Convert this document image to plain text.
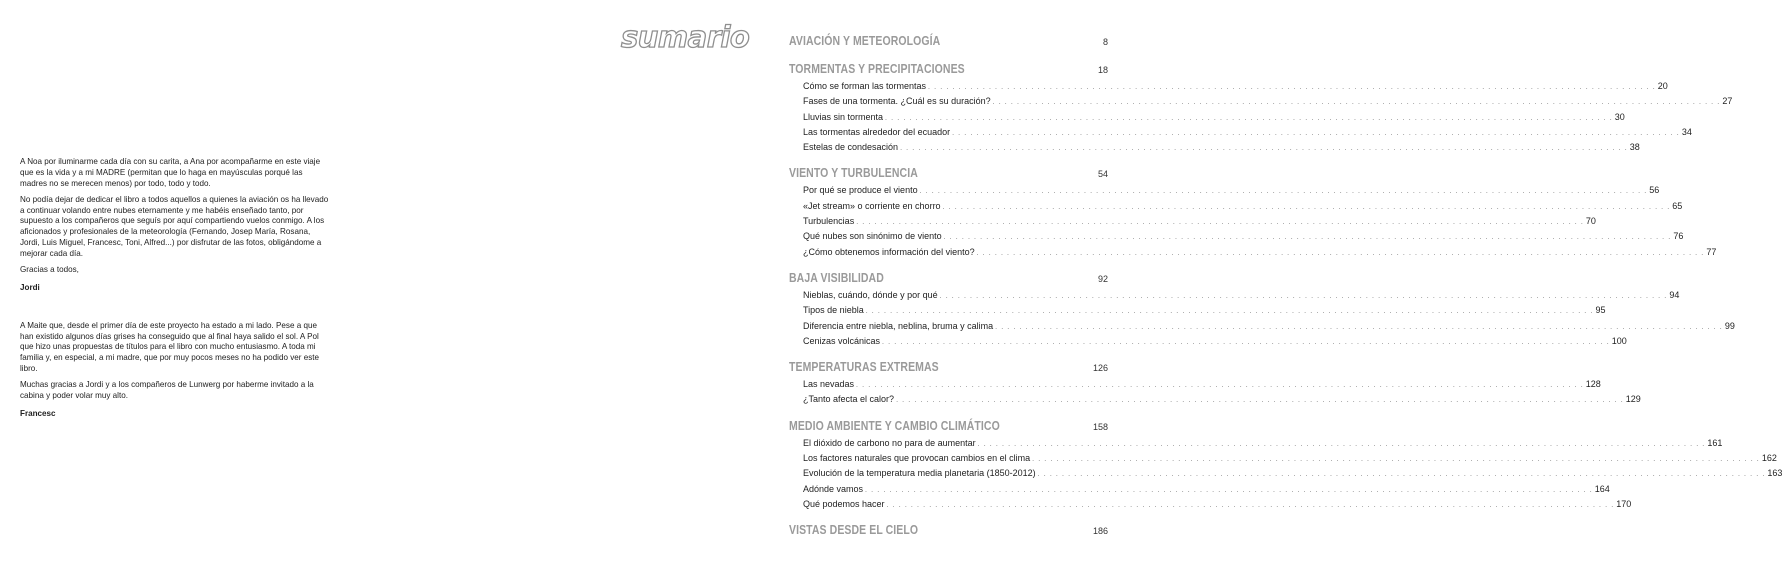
A Noa por iluminarme cada día con su carita, a Ana por acompañarme en este viaje que es la vida y a mi MADRE (permitan que lo haga en mayúsculas porqué las madres no se merecen menos) por todo, todo y todo.

No podía dejar de dedicar el libro a todos aquellos a quienes la aviación os ha llevado a continuar volando entre nubes eternamente y me habéis enseñado tanto, por supuesto a los compañeros que seguís por aquí compartiendo vuelos conmigo. A los aficionados y profesionales de la meteorología (Fernando, Josep María, Rosana, Jordi, Luis Miguel, Francesc, Toni, Alfred...) por disfrutar de las fotos, obligándome a mejorar cada día.

Gracias a todos,

Jordi

A Maite que, desde el primer día de este proyecto ha estado a mi lado. Pese a que han existido algunos días grises ha conseguido que al final haya salido el sol. A Pol que hizo unas propuestas de títulos para el libro con mucho entusiasmo. A toda mi familia y, en especial, a mi madre, que por muy pocos meses no ha podido ver este libro.

Muchas gracias a Jordi y a los compañeros de Lunwerg por haberme invitado a la cabina y poder volar muy alto.

Francesc

sumario	AVIACIÓN Y METEOROLOGÍA	8
TORMENTAS Y PRECIPITACIONES	18
Cómo se forman las tormentas . . . . . . . . . . . . . . . . . . . . . . . . . . . . . . . . . . . . . . . . . . . . . . . . . . . . . . . . . . . . . . . . . . . . . . . . . . . . . . . . . . . . . . . . . . . . . . . . . . . . . . . . . . . . . . . . . . . . . . . . 20
Fases de una tormenta. ¿Cuál es su duración? . . . . . . . . . . . . . . . . . . . . . . . . . . . . . . . . . . . . . . . . . . . . . . . . . . . . . . . . . . . . . . . . . . . . . . . . . . . . . . . . . . . . . . . . . . . . . . . . . . . . . . . . . . . . . . . . . . . . . . . . 27
Lluvias sin tormenta . . . . . . . . . . . . . . . . . . . . . . . . . . . . . . . . . . . . . . . . . . . . . . . . . . . . . . . . . . . . . . . . . . . . . . . . . . . . . . . . . . . . . . . . . . . . . . . . . . . . . . . . . . . . . . . . . . . . . . . . 30
Las tormentas alrededor del ecuador . . . . . . . . . . . . . . . . . . . . . . . . . . . . . . . . . . . . . . . . . . . . . . . . . . . . . . . . . . . . . . . . . . . . . . . . . . . . . . . . . . . . . . . . . . . . . . . . . . . . . . . . . . . . . . . . . . . . . . . . 34
Estelas de condesación . . . . . . . . . . . . . . . . . . . . . . . . . . . . . . . . . . . . . . . . . . . . . . . . . . . . . . . . . . . . . . . . . . . . . . . . . . . . . . . . . . . . . . . . . . . . . . . . . . . . . . . . . . . . . . . . . . . . . . . . 38
VIENTO Y TURBULENCIA	54
Por qué se produce el viento . . . . . . . . . . . . . . . . . . . . . . . . . . . . . . . . . . . . . . . . . . . . . . . . . . . . . . . . . . . . . . . . . . . . . . . . . . . . . . . . . . . . . . . . . . . . . . . . . . . . . . . . . . . . . . . . . . . . . . . . 56
«Jet stream» o corriente en chorro . . . . . . . . . . . . . . . . . . . . . . . . . . . . . . . . . . . . . . . . . . . . . . . . . . . . . . . . . . . . . . . . . . . . . . . . . . . . . . . . . . . . . . . . . . . . . . . . . . . . . . . . . . . . . . . . . . . . . . . . 65
Turbulencias . . . . . . . . . . . . . . . . . . . . . . . . . . . . . . . . . . . . . . . . . . . . . . . . . . . . . . . . . . . . . . . . . . . . . . . . . . . . . . . . . . . . . . . . . . . . . . . . . . . . . . . . . . . . . . . . . . . . . . . . 70
Qué nubes son sinónimo de viento . . . . . . . . . . . . . . . . . . . . . . . . . . . . . . . . . . . . . . . . . . . . . . . . . . . . . . . . . . . . . . . . . . . . . . . . . . . . . . . . . . . . . . . . . . . . . . . . . . . . . . . . . . . . . . . . . . . . . . . . 76
¿Cómo obtenemos información del viento? . . . . . . . . . . . . . . . . . . . . . . . . . . . . . . . . . . . . . . . . . . . . . . . . . . . . . . . . . . . . . . . . . . . . . . . . . . . . . . . . . . . . . . . . . . . . . . . . . . . . . . . . . . . . . . . . . . . . . . . . 77
BAJA VISIBILIDAD	92
Nieblas, cuándo, dónde y por qué . . . . . . . . . . . . . . . . . . . . . . . . . . . . . . . . . . . . . . . . . . . . . . . . . . . . . . . . . . . . . . . . . . . . . . . . . . . . . . . . . . . . . . . . . . . . . . . . . . . . . . . . . . . . . . . . . . . . . . . . 94
Tipos de niebla . . . . . . . . . . . . . . . . . . . . . . . . . . . . . . . . . . . . . . . . . . . . . . . . . . . . . . . . . . . . . . . . . . . . . . . . . . . . . . . . . . . . . . . . . . . . . . . . . . . . . . . . . . . . . . . . . . . . . . . . 95
Diferencia entre niebla, neblina, bruma y calima . . . . . . . . . . . . . . . . . . . . . . . . . . . . . . . . . . . . . . . . . . . . . . . . . . . . . . . . . . . . . . . . . . . . . . . . . . . . . . . . . . . . . . . . . . . . . . . . . . . . . . . . . . . . . . . . . . . . . . . . 99
Cenizas volcánicas . . . . . . . . . . . . . . . . . . . . . . . . . . . . . . . . . . . . . . . . . . . . . . . . . . . . . . . . . . . . . . . . . . . . . . . . . . . . . . . . . . . . . . . . . . . . . . . . . . . . . . . . . . . . . . . . . . . . . . . . 100
TEMPERATURAS EXTREMAS	126
Las nevadas . . . . . . . . . . . . . . . . . . . . . . . . . . . . . . . . . . . . . . . . . . . . . . . . . . . . . . . . . . . . . . . . . . . . . . . . . . . . . . . . . . . . . . . . . . . . . . . . . . . . . . . . . . . . . . . . . . . . . . . . 128
¿Tanto afecta el calor? . . . . . . . . . . . . . . . . . . . . . . . . . . . . . . . . . . . . . . . . . . . . . . . . . . . . . . . . . . . . . . . . . . . . . . . . . . . . . . . . . . . . . . . . . . . . . . . . . . . . . . . . . . . . . . . . . . . . . . . . 129
MEDIO AMBIENTE Y CAMBIO CLIMÁTICO	158
El dióxido de carbono no para de aumentar . . . . . . . . . . . . . . . . . . . . . . . . . . . . . . . . . . . . . . . . . . . . . . . . . . . . . . . . . . . . . . . . . . . . . . . . . . . . . . . . . . . . . . . . . . . . . . . . . . . . . . . . . . . . . . . . . . . . . . . . 161
Los factores naturales que provocan cambios en el clima . . . . . . . . . . . . . . . . . . . . . . . . . . . . . . . . . . . . . . . . . . . . . . . . . . . . . . . . . . . . . . . . . . . . . . . . . . . . . . . . . . . . . . . . . . . . . . . . . . . . . . . . . . . . . . . . . . . . . . . . 162
Evolución de la temperatura media planetaria (1850-2012) . . . . . . . . . . . . . . . . . . . . . . . . . . . . . . . . . . . . . . . . . . . . . . . . . . . . . . . . . . . . . . . . . . . . . . . . . . . . . . . . . . . . . . . . . . . . . . . . . . . . . . . . . . . . . . . . . . . . . . . . 163
Adónde vamos . . . . . . . . . . . . . . . . . . . . . . . . . . . . . . . . . . . . . . . . . . . . . . . . . . . . . . . . . . . . . . . . . . . . . . . . . . . . . . . . . . . . . . . . . . . . . . . . . . . . . . . . . . . . . . . . . . . . . . . . 164
Qué podemos hacer . . . . . . . . . . . . . . . . . . . . . . . . . . . . . . . . . . . . . . . . . . . . . . . . . . . . . . . . . . . . . . . . . . . . . . . . . . . . . . . . . . . . . . . . . . . . . . . . . . . . . . . . . . . . . . . . . . . . . . . . 170
VISTAS DESDE EL CIELO	186
